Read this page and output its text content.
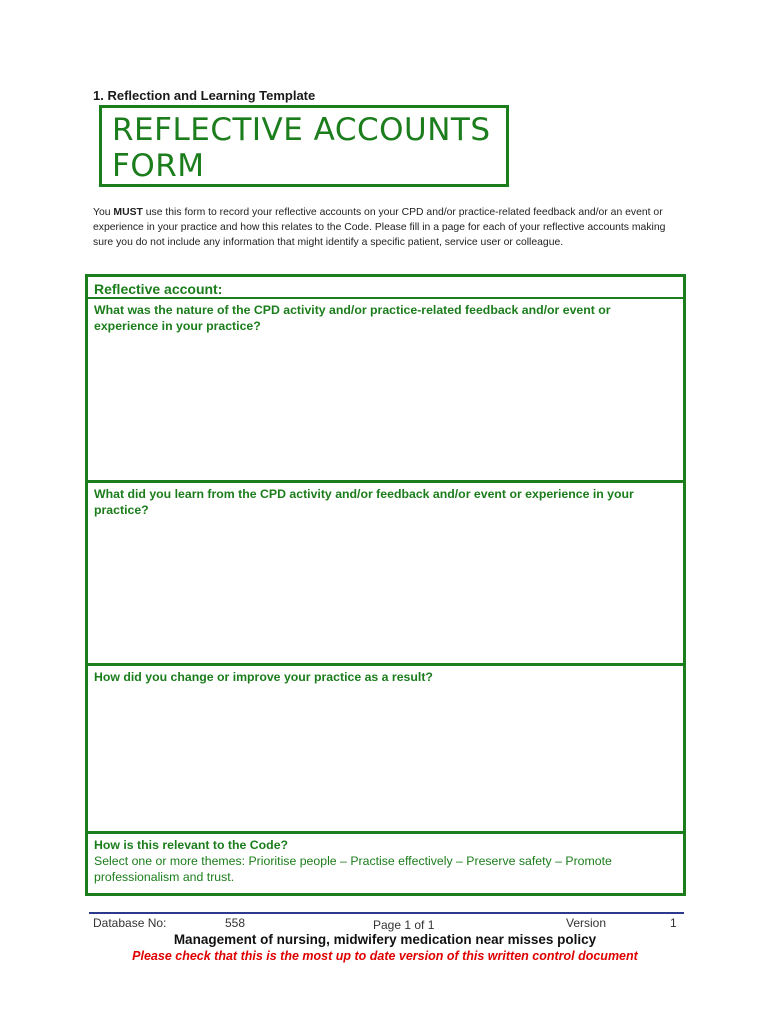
1. Reflection and Learning Template
REFLECTIVE ACCOUNTS
FORM
You MUST use this form to record your reflective accounts on your CPD and/or practice-related feedback and/or an event or experience in your practice and how this relates to the Code. Please fill in a page for each of your reflective accounts making sure you do not include any information that might identify a specific patient, service user or colleague.
Reflective account:
What was the nature of the CPD activity and/or practice-related feedback and/or event or experience in your practice?
What did you learn from the CPD activity and/or feedback and/or event or experience in your practice?
How did you change or improve your practice as a result?
How is this relevant to the Code?
Select one or more themes: Prioritise people – Practise effectively – Preserve safety – Promote professionalism and trust.
Database No:	558	Page 1 of 1	Version	1
Management of nursing, midwifery medication near misses policy
Please check that this is the most up to date version of this written control document
